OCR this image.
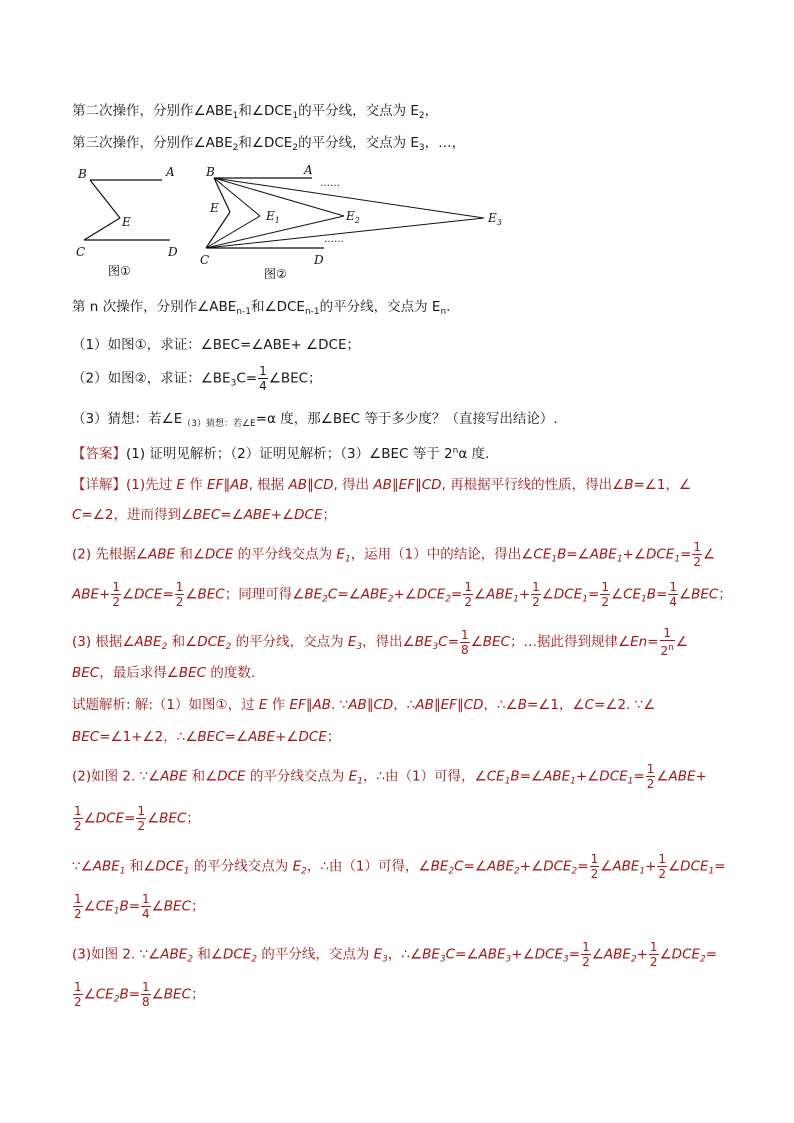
第二次操作，分别作$\angle ABE_1$和$\angle DCE_1$的平分线，交点为 $E_2$，
第三次操作，分别作$\angle ABE_2$和$\angle DCE_2$的平分线，交点为 $E_3$，…，
B	A
E
C	D
图①
B	A
……
E
$E_1$	$E_2$	$E_3$
……
C	D
图②
第 n 次操作，分别作$\angle ABE_{n-1}$和$\angle DCE_{n-1}$的平分线，交点为 $E_n$.
（1）如图①，求证：∠BEC=∠ABE+ ∠DCE；
（2）如图②，求证：$\angle BE_3C= \frac{1}{4}$ ∠BEC；
（3）猜想：若$\angle E_{(3)猜想:若\angle E}=\alpha$ 度，那∠BEC 等于多少度？（直接写出结论）.
【答案】(1) 证明见解析；（2）证明见解析；（3）∠BEC 等于 2$^n$α 度.
【详解】(1)先过 E 作 EF∥AB, 根据 AB∥CD, 得出 AB∥EF∥CD, 再根据平行线的性质，得出∠B=∠1，∠
C=∠2，进而得到∠BEC=∠ABE+∠DCE；
(2) 先根据∠ABE 和∠DCE 的平分线交点为 $E_1$，运用（1）中的结论，得出$\angle CE_1B=\angle ABE_1+\angle DCE_1= \frac{1}{2}$ ∠
$ABE+ \frac{1}{2}$ ∠DCE= $\frac{1}{2}$ ∠BEC；同理可得$\angle BE_2C=\angle ABE_2+\angle DCE_2= \frac{1}{2}$ $\angle ABE_1+ \frac{1}{2}$ $\angle DCE_1= \frac{1}{2}$ $\angle CE_1B= \frac{1}{4}$ ∠BEC；
(3) 根据$\angle ABE_2$ 和$\angle DCE_2$ 的平分线，交点为 $E_3$，得出$\angle BE_3C= \frac{1}{8}$ ∠BEC；…据此得到规律∠En= $\frac{1}{2^n}$ ∠
BEC，最后求得∠BEC 的度数.
试题解析: 解:（1）如图①，过 E 作 EF∥AB. ∵AB∥CD，∴AB∥EF∥CD，∴∠B=∠1，∠C=∠2. ∵∠
BEC=∠1+∠2，∴∠BEC=∠ABE+∠DCE；
(2)如图 2. ∵∠ABE 和∠DCE 的平分线交点为 $E_1$，∴由（1）可得，$\angle CE_1B=\angle ABE_1+\angle DCE_1= \frac{1}{2}$ ∠ABE+
$\frac{1}{2}$ ∠DCE= $\frac{1}{2}$ ∠BEC；
$\because\angle ABE_1$ 和$\angle DCE_1$ 的平分线交点为 $E_2$，∴由（1）可得，$\angle BE_2C=\angle ABE_2+\angle DCE_2= \frac{1}{2}$ $\angle ABE_1+ \frac{1}{2}$ $\angle DCE_1=$
$\frac{1}{2}$ $\angle CE_1B= \frac{1}{4}$ ∠BEC；
(3)如图 2. $\because\angle ABE_2$ 和$\angle DCE_2$ 的平分线，交点为 $E_3$，$\therefore\angle BE_3C=\angle ABE_3+\angle DCE_3= \frac{1}{2}$ $\angle ABE_2+ \frac{1}{2}$ $\angle DCE_2=$
$\frac{1}{2}$ $\angle CE_2B= \frac{1}{8}$ ∠BEC；
